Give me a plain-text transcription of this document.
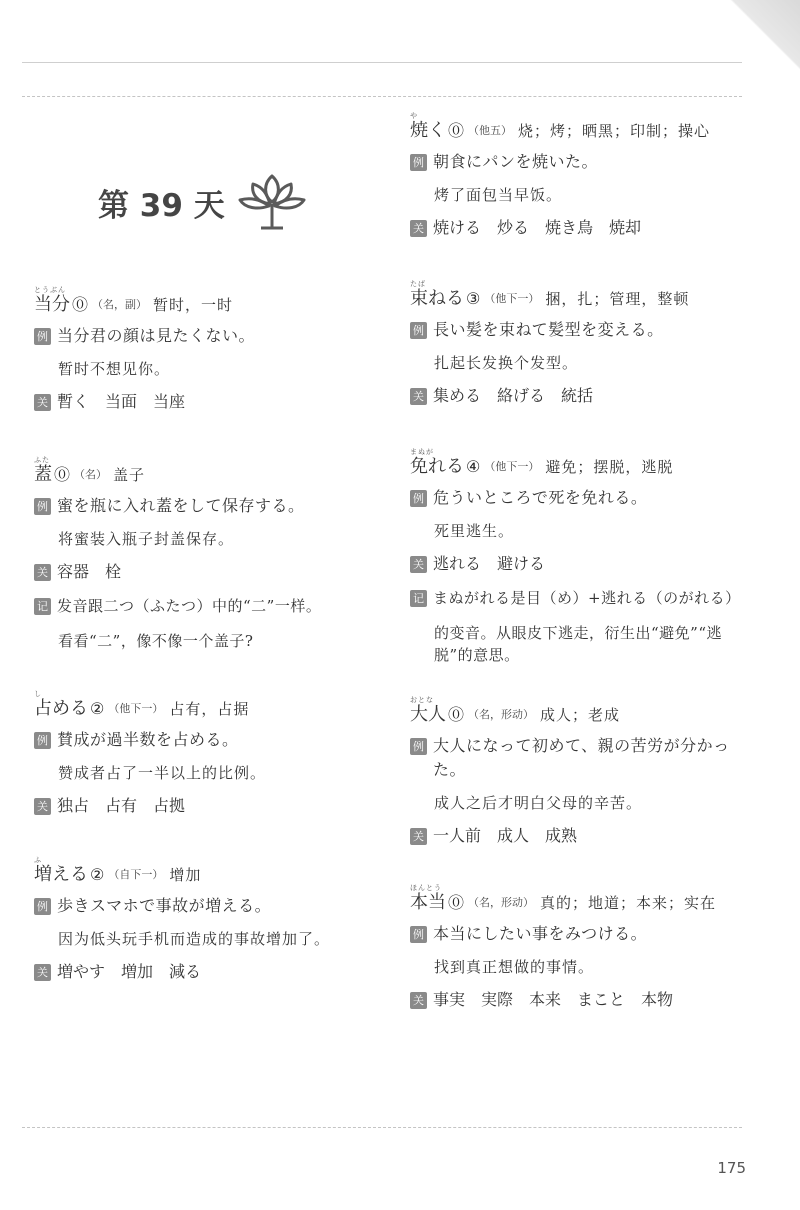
第 39 天
とうぶん
当分 ⓪ （名，副） 暂时，一时
例 当分君の顔は見たくない。
暂时不想见你。
关 暫く　当面　当座
ふた
蓋 ⓪ （名） 盖子
例 蜜を瓶に入れ蓋をして保存する。
将蜜装入瓶子封盖保存。
关 容器　栓
记 发音跟二つ（ふたつ）中的“二”一样。
看看“二”，像不像一个盖子?
し
占める ② （他下一） 占有，占据
例 賛成が過半数を占める。
赞成者占了一半以上的比例。
关 独占　占有　占拠
ふ
増える ② （自下一） 增加
例 歩きスマホで事故が増える。
因为低头玩手机而造成的事故增加了。
关 増やす　増加　減る
や
焼く ⓪ （他五） 烧；烤；晒黑；印制；操心
例 朝食にパンを焼いた。
烤了面包当早饭。
关 焼ける　炒る　焼き鳥　焼却
たば
束ねる ③ （他下一） 捆，扎；管理，整顿
例 長い髪を束ねて髪型を変える。
扎起长发换个发型。
关 集める　絡げる　統括
まぬが
免れる ④ （他下一） 避免；摆脱，逃脱
例 危ういところで死を免れる。
死里逃生。
关 逃れる　避ける
记 まぬがれる是目（め）+逃れる（のがれる）
的变音。从眼皮下逃走，衍生出“避免”“逃脱”的意思。
おとな
大人 ⓪ （名，形动） 成人；老成
例 大人になって初めて、親の苦労が分かった。
成人之后才明白父母的辛苦。
关 一人前　成人　成熟
ほんとう
本当 ⓪ （名，形动） 真的；地道；本来；实在
例 本当にしたい事をみつける。
找到真正想做的事情。
关 事実　実際　本来　まこと　本物
175
